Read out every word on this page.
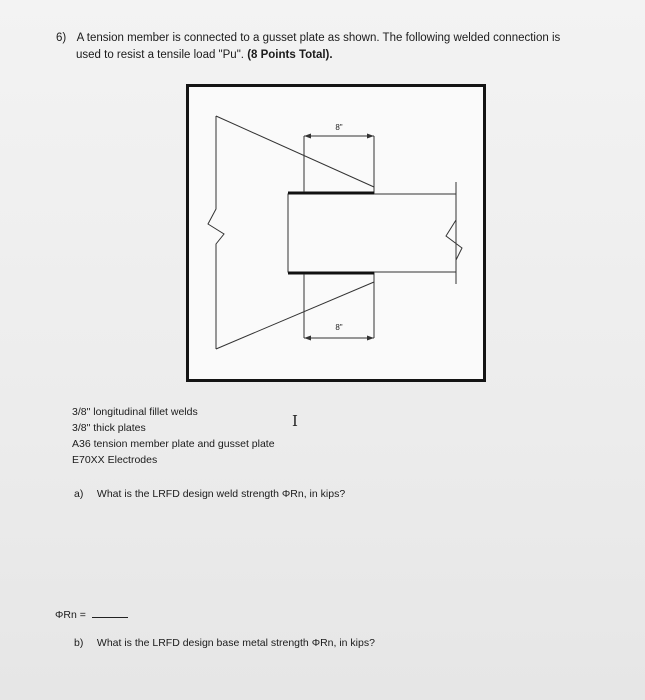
6) A tension member is connected to a gusset plate as shown. The following welded connection is
used to resist a tensile load "Pu". (8 Points Total).
8"
8"
3/8" longitudinal fillet welds
3/8" thick plates
A36 tension member plate and gusset plate
E70XX Electrodes
I
a) What is the LRFD design weld strength ΦRn, in kips?
ΦRn =
b) What is the LRFD design base metal strength ΦRn, in kips?
